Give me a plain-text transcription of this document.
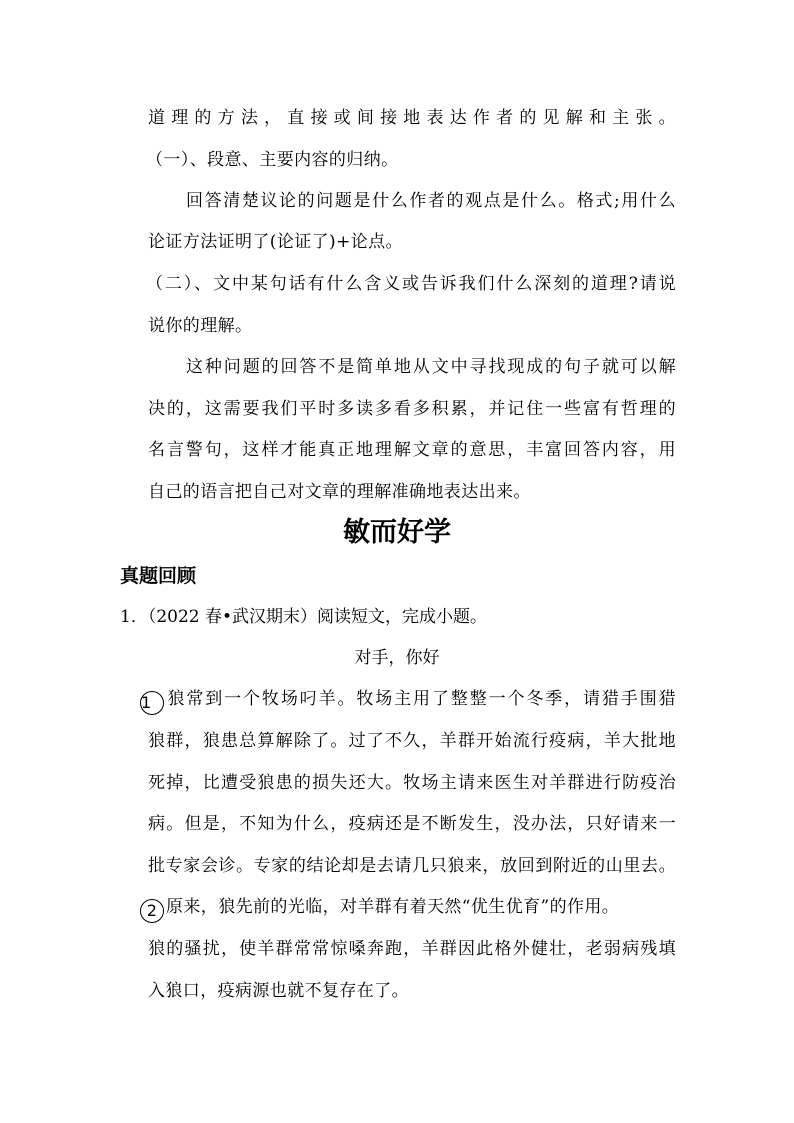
道理的方法，直接或间接地表达作者的见解和主张。
（一）、段意、主要内容的归纳。
回答清楚议论的问题是什么作者的观点是什么。格式;用什么
论证方法证明了(论证了)+论点。
（二）、文中某句话有什么含义或告诉我们什么深刻的道理?请说
说你的理解。
这种问题的回答不是简单地从文中寻找现成的句子就可以解
决的，这需要我们平时多读多看多积累，并记住一些富有哲理的
名言警句，这样才能真正地理解文章的意思，丰富回答内容，用
自己的语言把自己对文章的理解准确地表达出来。
敏而好学
真题回顾
1．（2022 春•武汉期末）阅读短文，完成小题。
对手，你好
1 狼常到一个牧场叼羊。牧场主用了整整一个冬季，请猎手围猎
狼群，狼患总算解除了。过了不久，羊群开始流行疫病，羊大批地
死掉，比遭受狼患的损失还大。牧场主请来医生对羊群进行防疫治
病。但是，不知为什么，疫病还是不断发生，没办法，只好请来一
批专家会诊。专家的结论却是去请几只狼来，放回到附近的山里去。
2 原来，狼先前的光临，对羊群有着天然“优生优育”的作用。
狼的骚扰，使羊群常常惊嗓奔跑，羊群因此格外健壮，老弱病残填
入狼口，疫病源也就不复存在了。
